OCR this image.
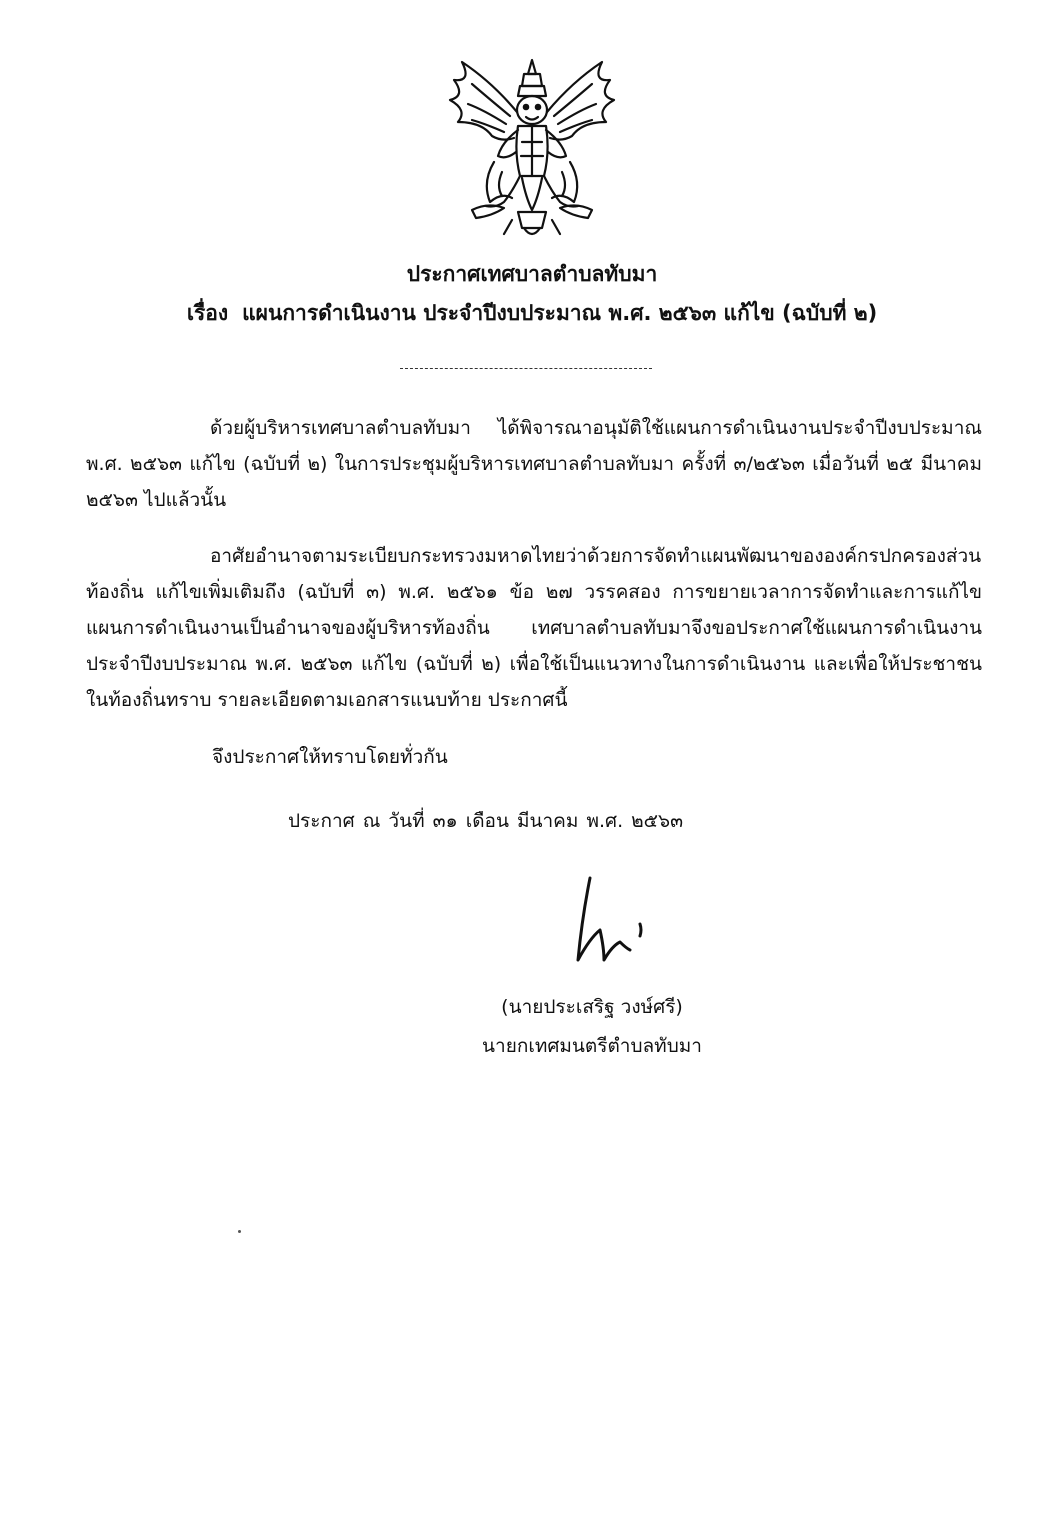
ประกาศเทศบาลตำบลทับมา
เรื่อง แผนการดำเนินงาน ประจำปีงบประมาณ พ.ศ. ๒๕๖๓ แก้ไข (ฉบับที่ ๒)
ด้วยผู้บริหารเทศบาลตำบลทับมา ได้พิจารณาอนุมัติใช้แผนการดำเนินงานประจำปีงบประมาณ พ.ศ. ๒๕๖๓ แก้ไข (ฉบับที่ ๒) ในการประชุมผู้บริหารเทศบาลตำบลทับมา ครั้งที่ ๓/๒๕๖๓ เมื่อวันที่ ๒๕ มีนาคม ๒๕๖๓ ไปแล้วนั้น
อาศัยอำนาจตามระเบียบกระทรวงมหาดไทยว่าด้วยการจัดทำแผนพัฒนาขององค์กรปกครองส่วนท้องถิ่น แก้ไขเพิ่มเติมถึง (ฉบับที่ ๓) พ.ศ. ๒๕๖๑ ข้อ ๒๗ วรรคสอง การขยายเวลาการจัดทำและการแก้ไขแผนการดำเนินงานเป็นอำนาจของผู้บริหารท้องถิ่น เทศบาลตำบลทับมาจึงขอประกาศใช้แผนการดำเนินงาน ประจำปีงบประมาณ พ.ศ. ๒๕๖๓ แก้ไข (ฉบับที่ ๒) เพื่อใช้เป็นแนวทางในการดำเนินงาน และเพื่อให้ประชาชนในท้องถิ่นทราบ รายละเอียดตามเอกสารแนบท้าย ประกาศนี้
จึงประกาศให้ทราบโดยทั่วกัน
ประกาศ ณ วันที่ ๓๑ เดือน มีนาคม พ.ศ. ๒๕๖๓
(นายประเสริฐ วงษ์ศรี)
นายกเทศมนตรีตำบลทับมา
